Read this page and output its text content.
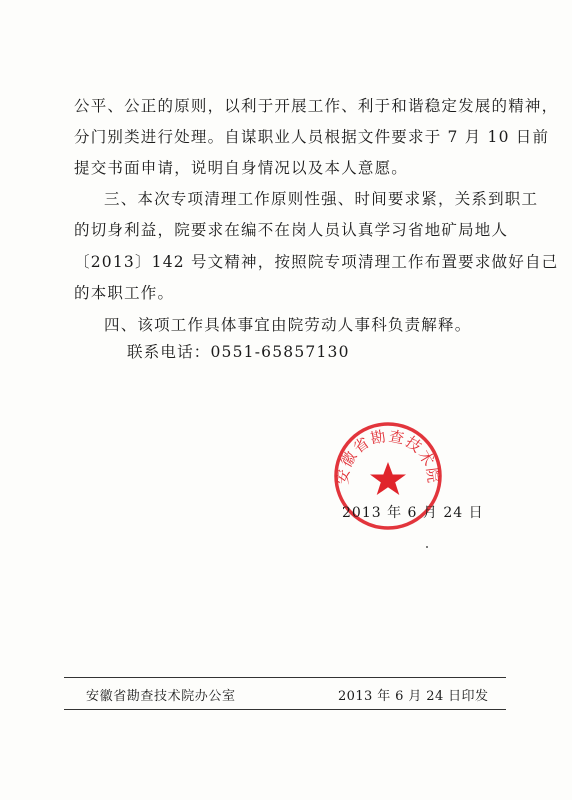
公平、公正的原则，以利于开展工作、利于和谐稳定发展的精神，
分门别类进行处理。自谋职业人员根据文件要求于 7 月 10 日前
提交书面申请，说明自身情况以及本人意愿。
三、本次专项清理工作原则性强、时间要求紧，关系到职工
的切身利益，院要求在编不在岗人员认真学习省地矿局地人
〔2013〕142 号文精神，按照院专项清理工作布置要求做好自己
的本职工作。
四、该项工作具体事宜由院劳动人事科负责解释。
联系电话：0551-65857130
安徽省勘查技术院
2013 年 6 月 24 日
安徽省勘查技术院办公室	2013 年 6 月 24 日印发
